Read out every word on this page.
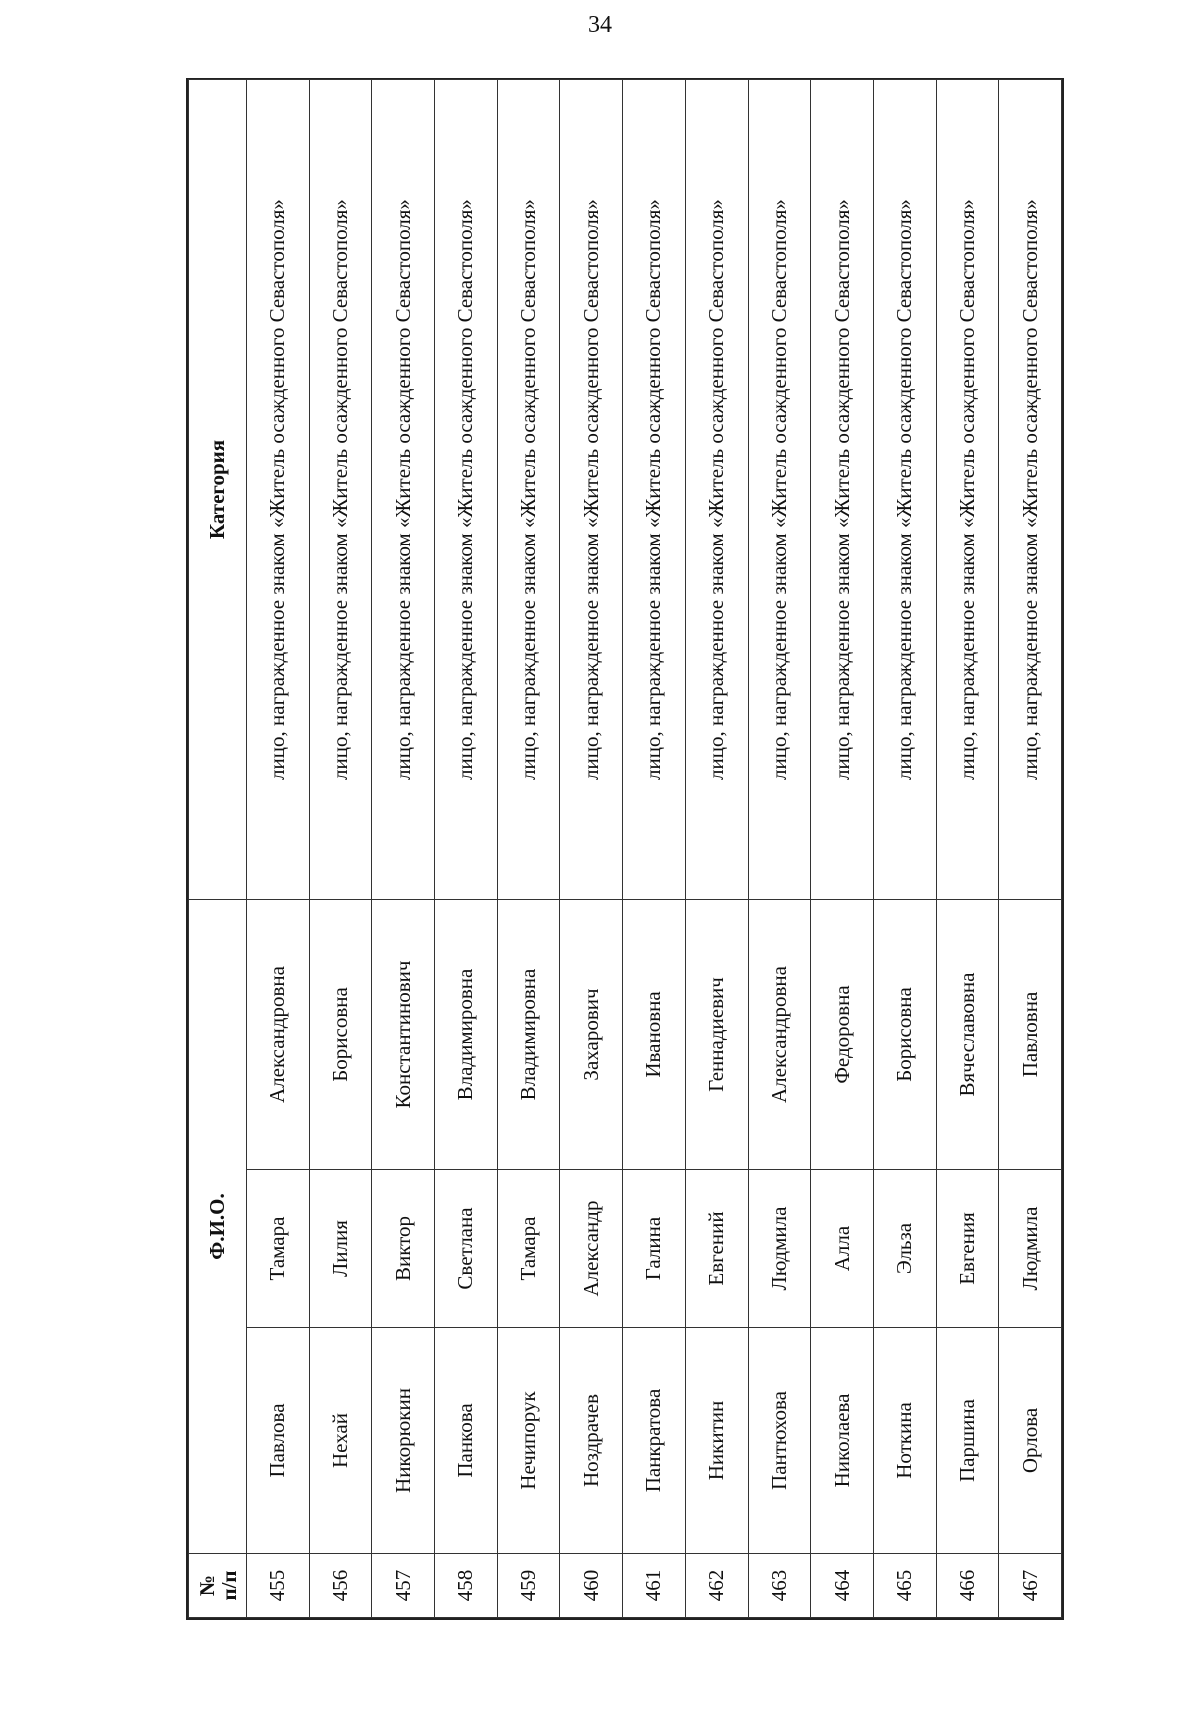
34
№
п/п	Ф.И.О.			Категория
455	Павлова	Тамара	Александровна	лицо, награжденное знаком «Житель осажденного Севастополя»
456	Нехай	Лилия	Борисовна	лицо, награжденное знаком «Житель осажденного Севастополя»
457	Никорюкин	Виктор	Константинович	лицо, награжденное знаком «Житель осажденного Севастополя»
458	Панкова	Светлана	Владимировна	лицо, награжденное знаком «Житель осажденного Севастополя»
459	Нечипорук	Тамара	Владимировна	лицо, награжденное знаком «Житель осажденного Севастополя»
460	Ноздрачев	Александр	Захарович	лицо, награжденное знаком «Житель осажденного Севастополя»
461	Панкратова	Галина	Ивановна	лицо, награжденное знаком «Житель осажденного Севастополя»
462	Никитин	Евгений	Геннадиевич	лицо, награжденное знаком «Житель осажденного Севастополя»
463	Пантюхова	Людмила	Александровна	лицо, награжденное знаком «Житель осажденного Севастополя»
464	Николаева	Алла	Федоровна	лицо, награжденное знаком «Житель осажденного Севастополя»
465	Ноткина	Эльза	Борисовна	лицо, награжденное знаком «Житель осажденного Севастополя»
466	Паршина	Евгения	Вячеславовна	лицо, награжденное знаком «Житель осажденного Севастополя»
467	Орлова	Людмила	Павловна	лицо, награжденное знаком «Житель осажденного Севастополя»
